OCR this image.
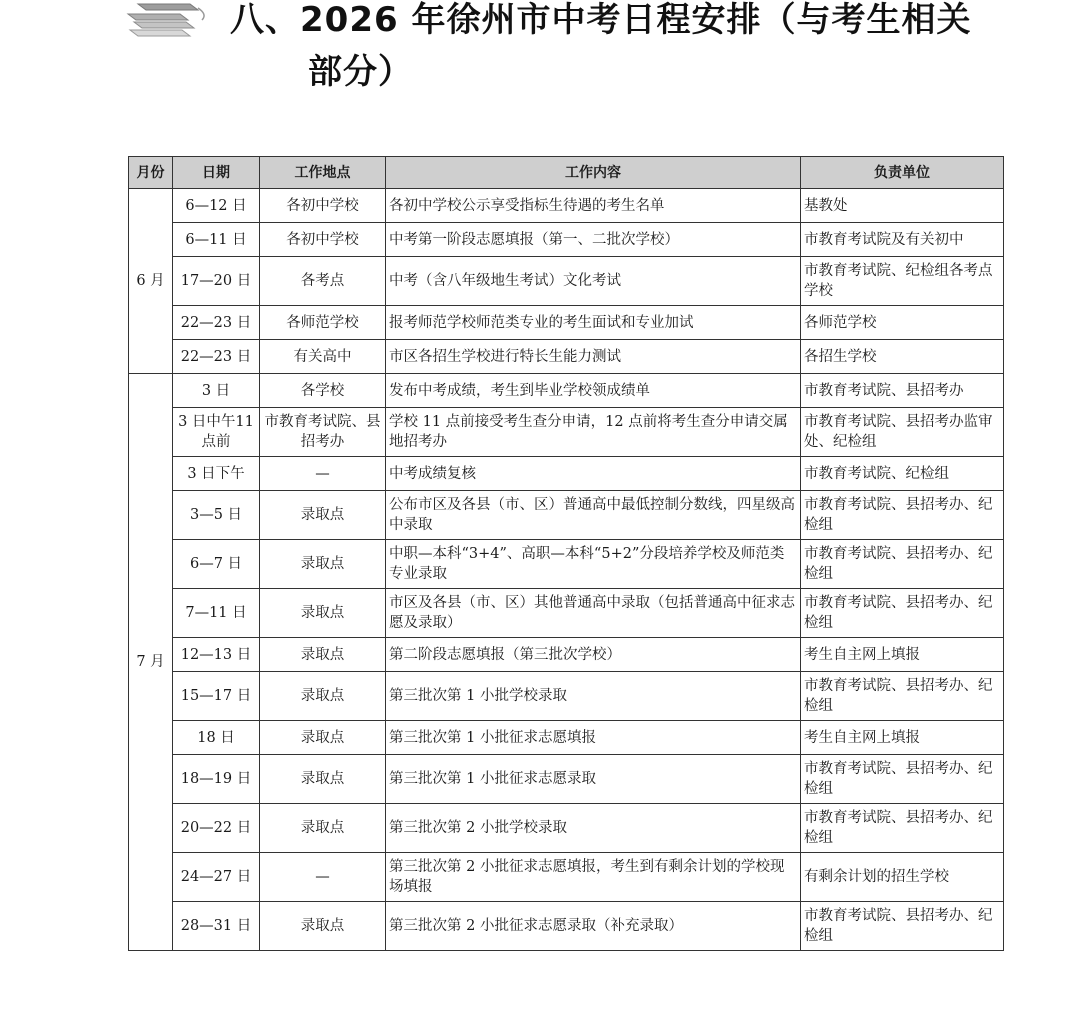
八、2026 年徐州市中考日程安排（与考生相关
部分）
月份	日期	工作地点	工作内容	负责单位
6 月	6—12 日	各初中学校	各初中学校公示享受指标生待遇的考生名单	基教处
	6—11 日	各初中学校	中考第一阶段志愿填报（第一、二批次学校）	市教育考试院及有关初中
	17—20 日	各考点	中考（含八年级地生考试）文化考试	市教育考试院、纪检组各考点学校
	22—23 日	各师范学校	报考师范学校师范类专业的考生面试和专业加试	各师范学校
	22—23 日	有关高中	市区各招生学校进行特长生能力测试	各招生学校
7 月	3 日	各学校	发布中考成绩，考生到毕业学校领成绩单	市教育考试院、县招考办
	3 日中午11 点前	市教育考试院、县招考办	学校 11 点前接受考生查分申请，12 点前将考生查分申请交属地招考办	市教育考试院、县招考办监审处、纪检组
	3 日下午	—	中考成绩复核	市教育考试院、纪检组
	3—5 日	录取点	公布市区及各县（市、区）普通高中最低控制分数线，四星级高中录取	市教育考试院、县招考办、纪检组
	6—7 日	录取点	中职—本科“3+4”、高职—本科“5+2”分段培养学校及师范类专业录取	市教育考试院、县招考办、纪检组
	7—11 日	录取点	市区及各县（市、区）其他普通高中录取（包括普通高中征求志愿及录取）	市教育考试院、县招考办、纪检组
	12—13 日	录取点	第二阶段志愿填报（第三批次学校）	考生自主网上填报
	15—17 日	录取点	第三批次第 1 小批学校录取	市教育考试院、县招考办、纪检组
	18 日	录取点	第三批次第 1 小批征求志愿填报	考生自主网上填报
	18—19 日	录取点	第三批次第 1 小批征求志愿录取	市教育考试院、县招考办、纪检组
	20—22 日	录取点	第三批次第 2 小批学校录取	市教育考试院、县招考办、纪检组
	24—27 日	—	第三批次第 2 小批征求志愿填报，考生到有剩余计划的学校现场填报	有剩余计划的招生学校
	28—31 日	录取点	第三批次第 2 小批征求志愿录取（补充录取）	市教育考试院、县招考办、纪检组
